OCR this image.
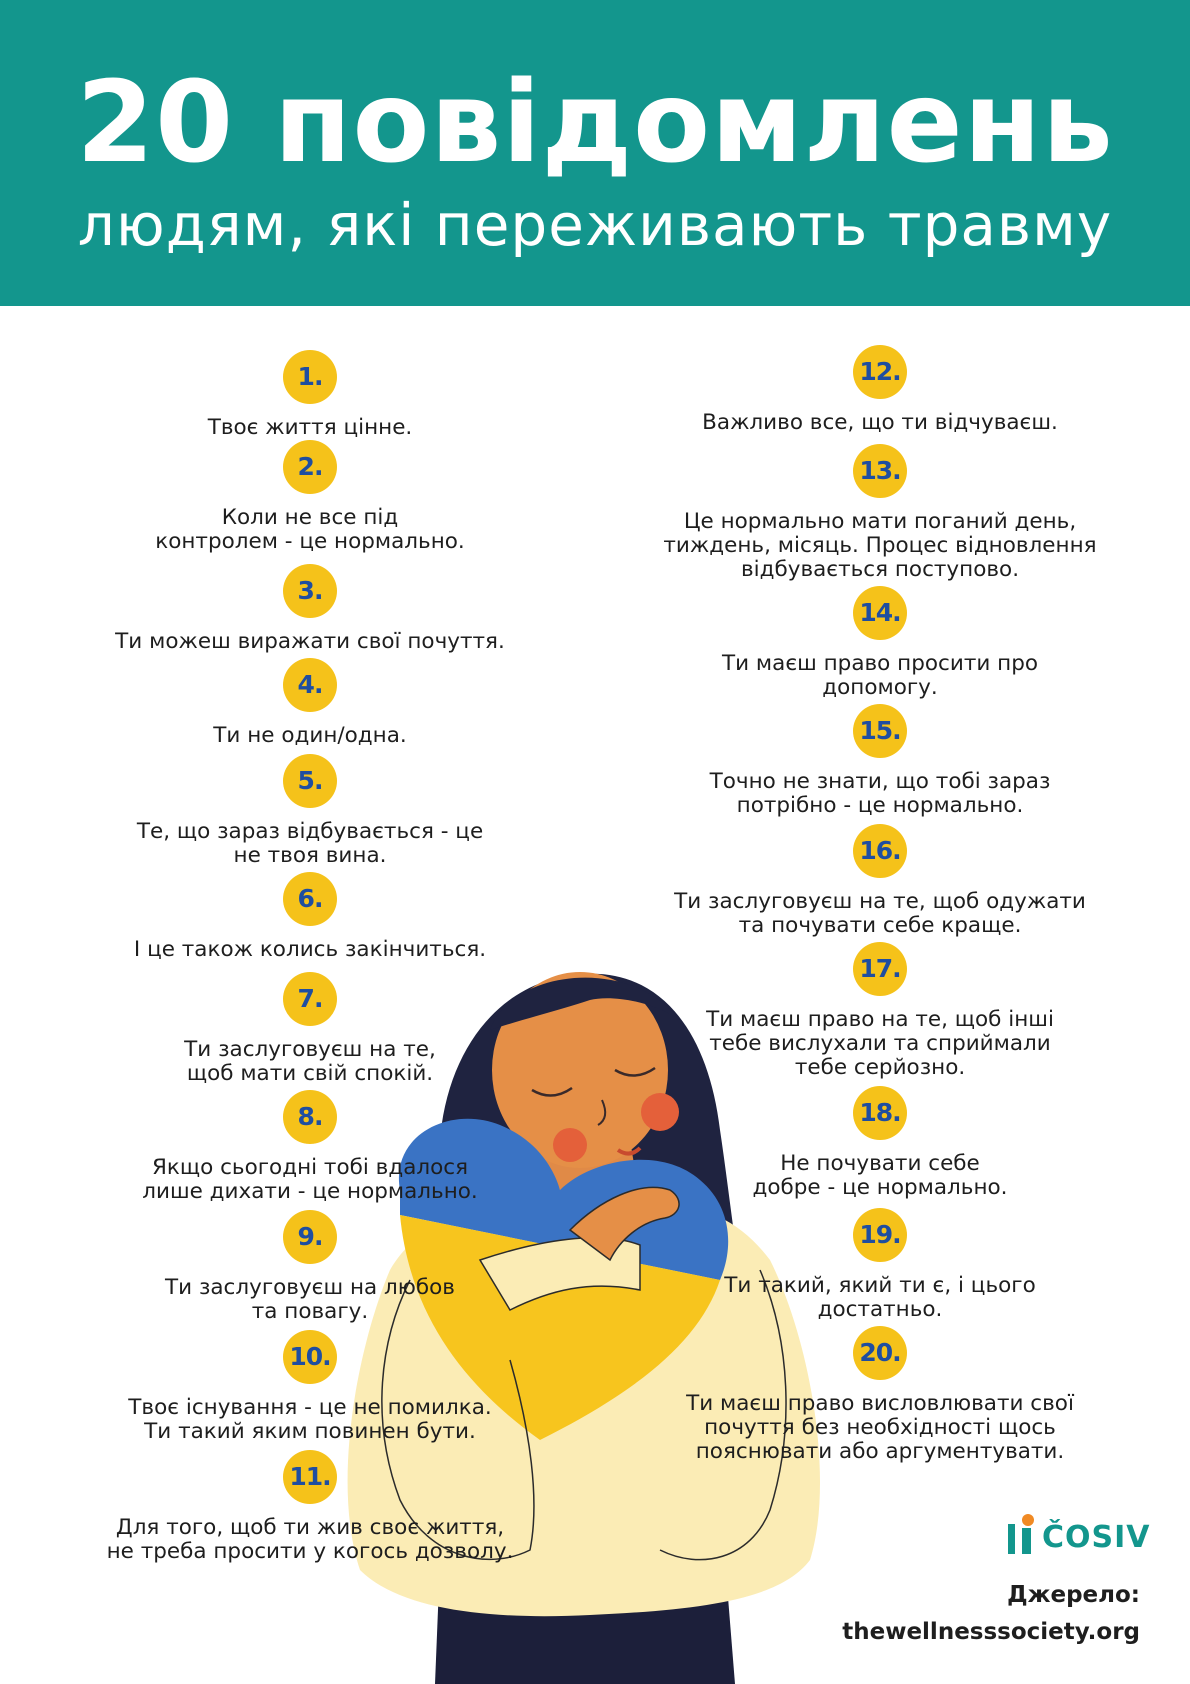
20 повідомлень
людям, які переживають травму
1.
Твоє життя цінне.
2.
Коли не все під
контролем - це нормально.
3.
Ти можеш виражати свої почуття.
4.
Ти не один/одна.
5.
Те, що зараз відбувається - це
не твоя вина.
6.
І це також колись закінчиться.
7.
Ти заслуговуєш на те,
щоб мати свій спокій.
8.
Якщо сьогодні тобі вдалося
лише дихати - це нормально.
9.
Ти заслуговуєш на любов
та повагу.
10.
Твоє існування - це не помилка.
Ти такий яким повинен бути.
11.
Для того, щоб ти жив своє життя,
не треба просити у когось дозволу.
12.
Важливо все, що ти відчуваєш.
13.
Це нормально мати поганий день,
тиждень, місяць. Процес відновлення
відбувається поступово.
14.
Ти маєш право просити про
допомогу.
15.
Точно не знати, що тобі зараз
потрібно - це нормально.
16.
Ти заслуговуєш на те, щоб одужати
та почувати себе краще.
17.
Ти маєш право на те, щоб інші
тебе вислухали та сприймали
тебе серйозно.
18.
Не почувати себе
добре - це нормально.
19.
Ти такий, який ти є, і цього
достатньо.
20.
Ти маєш право висловлювати свої
почуття без необхідності щось
пояснювати або аргументувати.
ČOSIV
Джерело:
thewellnesssociety.org
